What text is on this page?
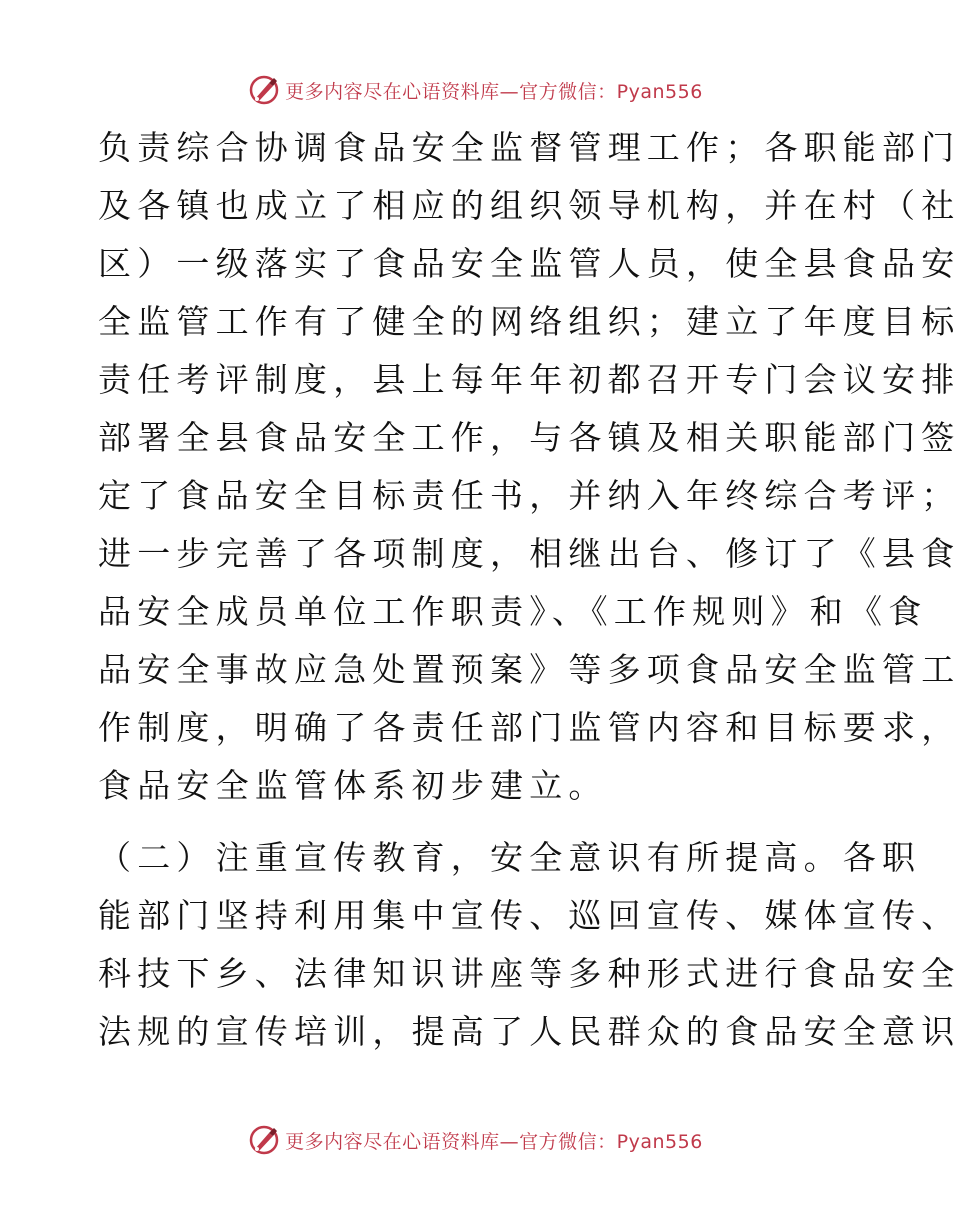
更多内容尽在心语资料库—官方微信：Pyan556
负责综合协调食品安全监督管理工作；各职能部门
及各镇也成立了相应的组织领导机构，并在村（社
区）一级落实了食品安全监管人员，使全县食品安
全监管工作有了健全的网络组织；建立了年度目标
责任考评制度，县上每年年初都召开专门会议安排
部署全县食品安全工作，与各镇及相关职能部门签
定了食品安全目标责任书，并纳入年终综合考评；
进一步完善了各项制度，相继出台、修订了《县食
品安全成员单位工作职责》、《工作规则》和《食
品安全事故应急处置预案》等多项食品安全监管工
作制度，明确了各责任部门监管内容和目标要求，
食品安全监管体系初步建立。
（二）注重宣传教育，安全意识有所提高。各职
能部门坚持利用集中宣传、巡回宣传、媒体宣传、
科技下乡、法律知识讲座等多种形式进行食品安全
法规的宣传培训，提高了人民群众的食品安全意识
更多内容尽在心语资料库—官方微信：Pyan556
